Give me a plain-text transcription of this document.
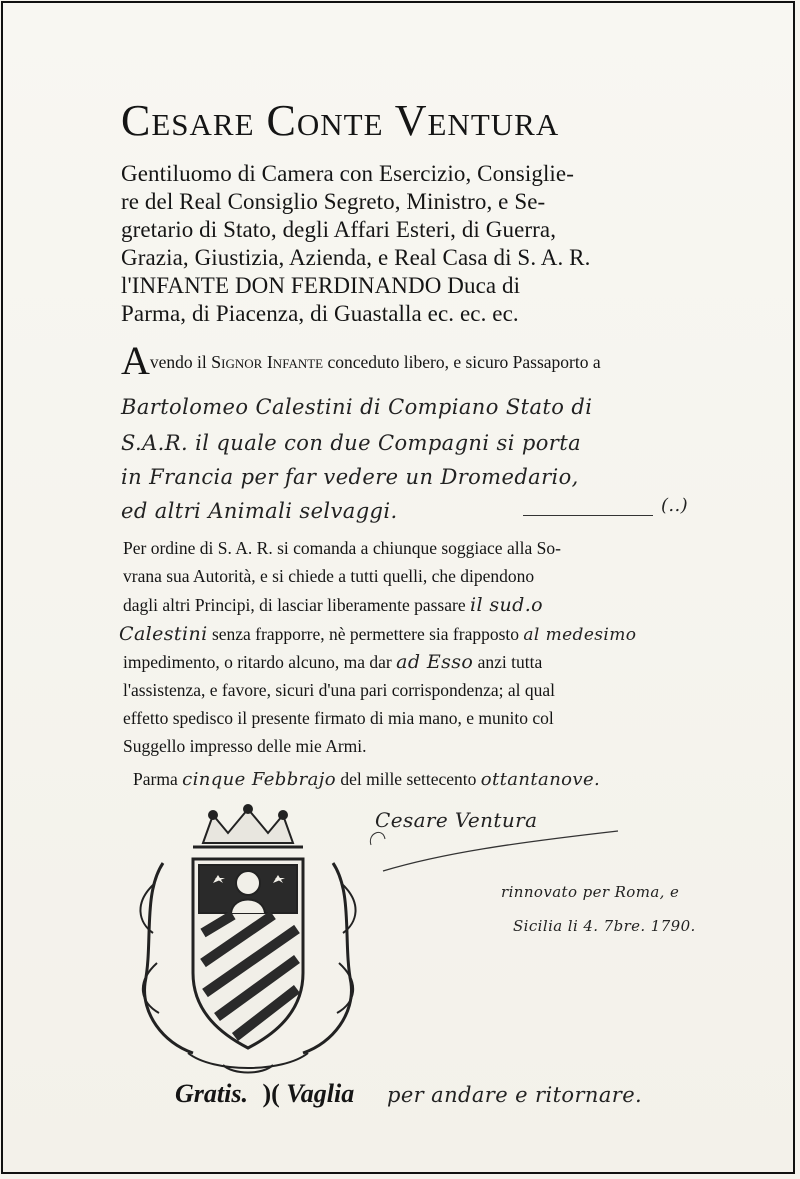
Cesare Conte Ventura
Gentiluomo di Camera con Esercizio, Consiglie-
re del Real Consiglio Segreto, Ministro, e Se-
gretario di Stato, degli Affari Esteri, di Guerra,
Grazia, Giustizia, Azienda, e Real Casa di S. A. R.
l'INFANTE DON FERDINANDO Duca di
Parma, di Piacenza, di Guastalla ec. ec. ec.
Avendo il Signor Infante conceduto libero, e sicuro Passaporto a
Bartolomeo Calestini di Compiano Stato di
S.A.R. il quale con due Compagni si porta
in Francia per far vedere un Dromedario,
ed altri Animali selvaggi.	(..)
Per ordine di S. A. R. si comanda a chiunque soggiace alla So-
vrana sua Autorità, e si chiede a tutti quelli, che dipendono
dagli altri Principi, di lasciar liberamente passare il sud.o
Calestini senza frapporre, nè permettere sia frapposto al medesimo
impedimento, o ritardo alcuno, ma dar ad Esso anzi tutta
l'assistenza, e favore, sicuri d'una pari corrispondenza; al qual
effetto spedisco il presente firmato di mia mano, e munito col
Suggello impresso delle mie Armi.
Parma cinque Febbrajo del mille settecento ottantanove.
Cesare Ventura
rinnovato per Roma, e
Sicilia li 4. 7bre. 1790.
Gratis. )( Vaglia per andare e ritornare.
